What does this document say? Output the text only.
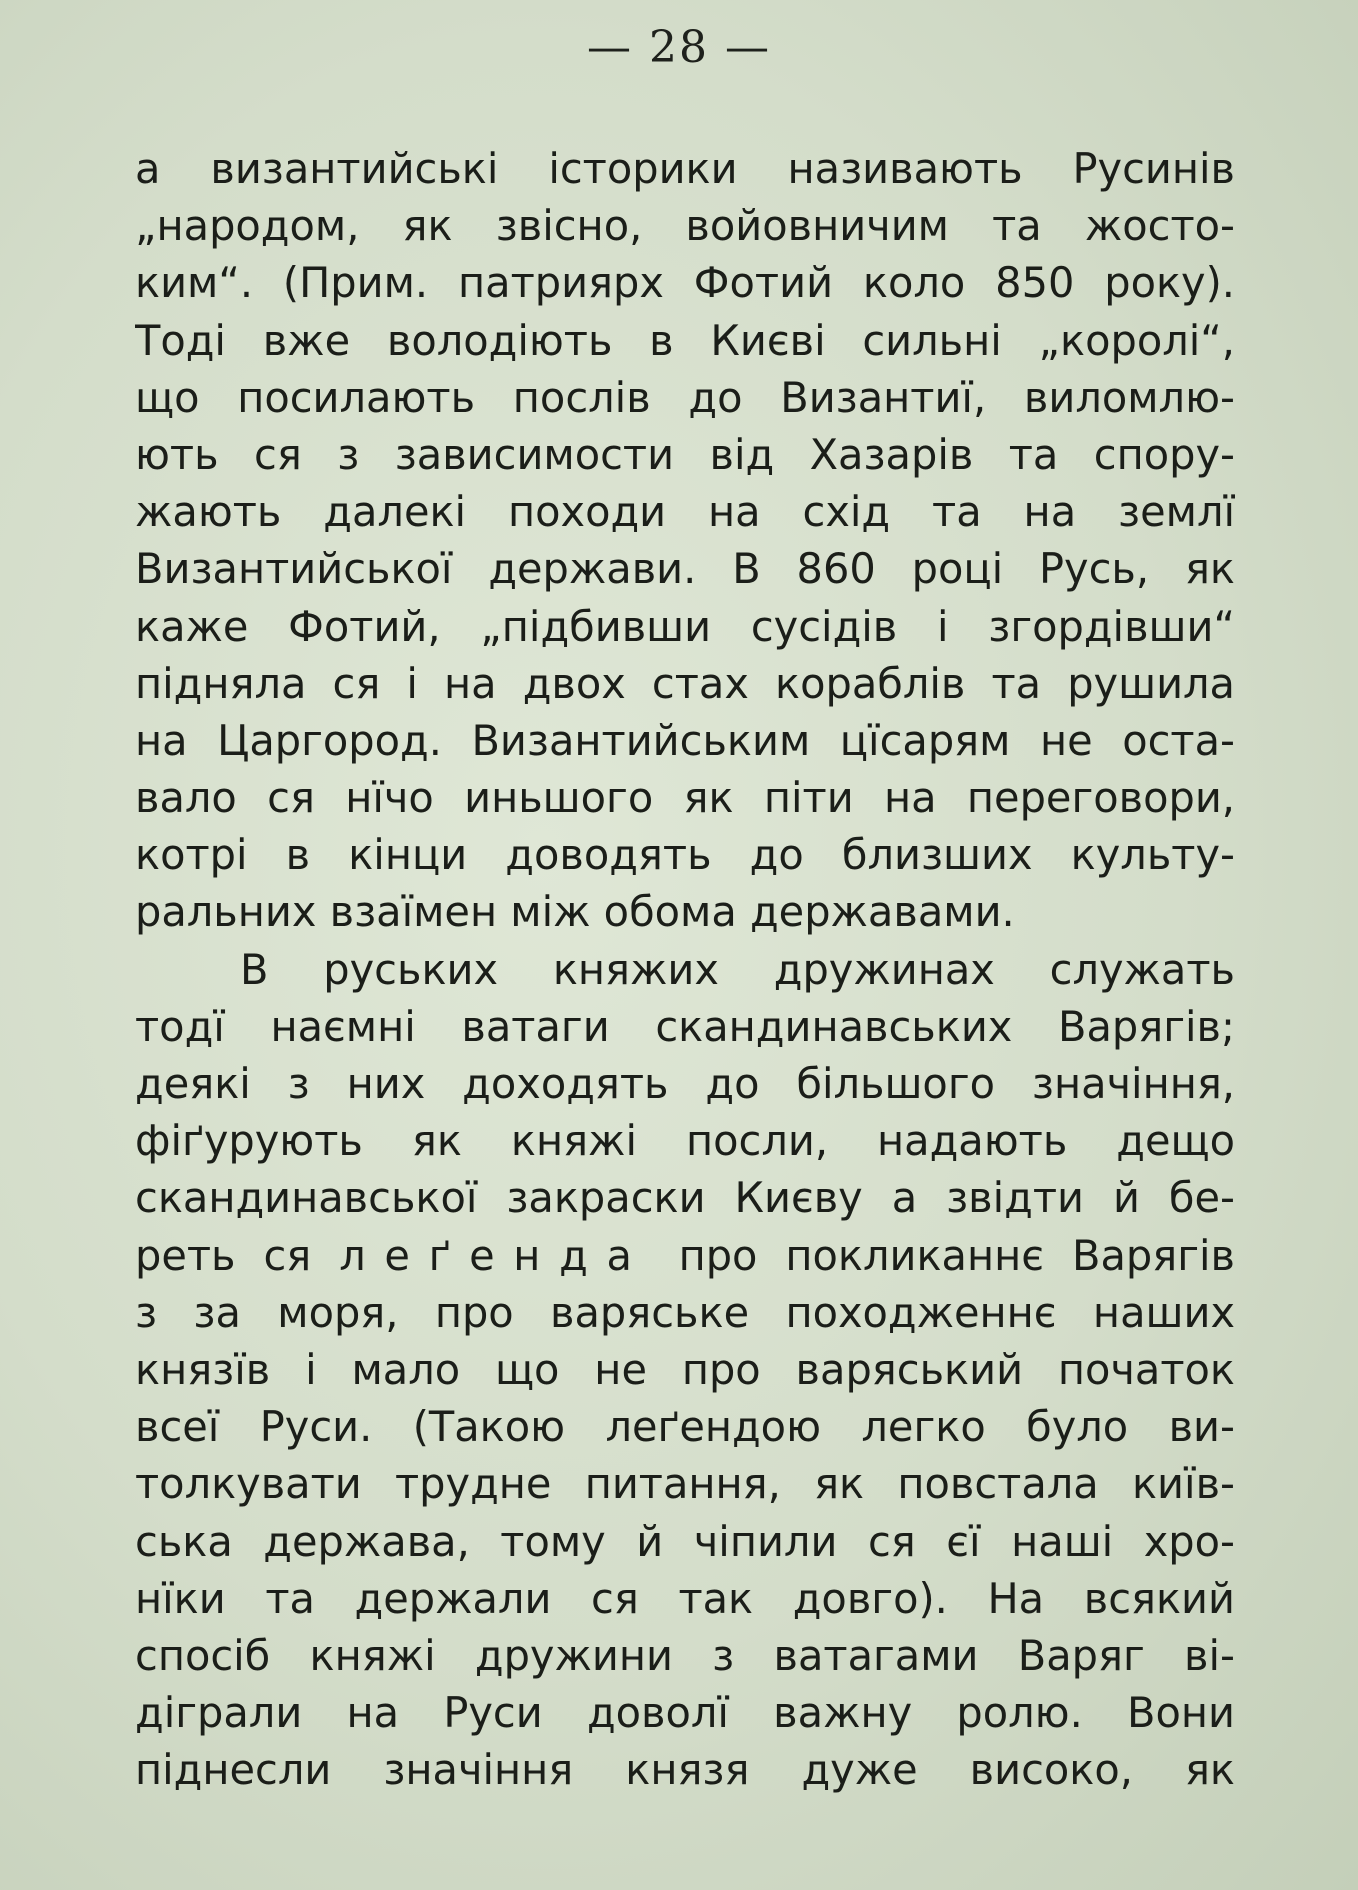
— 28 —
а византийські історики називають Русинів
„народом, як звісно, войовничим та жосто-
ким“. (Прим. патриярх Фотий коло 850 року).
Тоді вже володіють в Києві сильні „королі“,
що посилають послів до Византиї, виломлю-
ють ся з зависимости від Хазарів та спору-
жають далекі походи на схід та на землї
Византийської держави. В 860 році Русь, як
каже Фотий, „підбивши сусідів і згордівши“
підняла ся і на двох стах кораблів та рушила
на Царгород. Византийським цїсарям не оста-
вало ся нїчо иньшого як піти на переговори,
котрі в кінци доводять до близших культу-
ральних взаїмен між обома державами.
В руських княжих дружинах служать
тодї наємні ватаги скандинавських Варягів;
деякі з них доходять до більшого значіння,
фіґурують як княжі посли, надають дещо
скандинавської закраски Києву а звідти й бе-
реть ся леґенда про покликаннє Варягів
з за моря, про варяське походженнє наших
князїв і мало що не про варяський початок
всеї Руси. (Такою леґендою легко було ви-
толкувати трудне питання, як повстала київ-
ська держава, тому й чіпили ся єї наші хро-
нїки та держали ся так довго). На всякий
спосіб княжі дружини з ватагами Варяг ві-
діграли на Руси доволї важну ролю. Вони
піднесли значіння князя дуже високо, як
